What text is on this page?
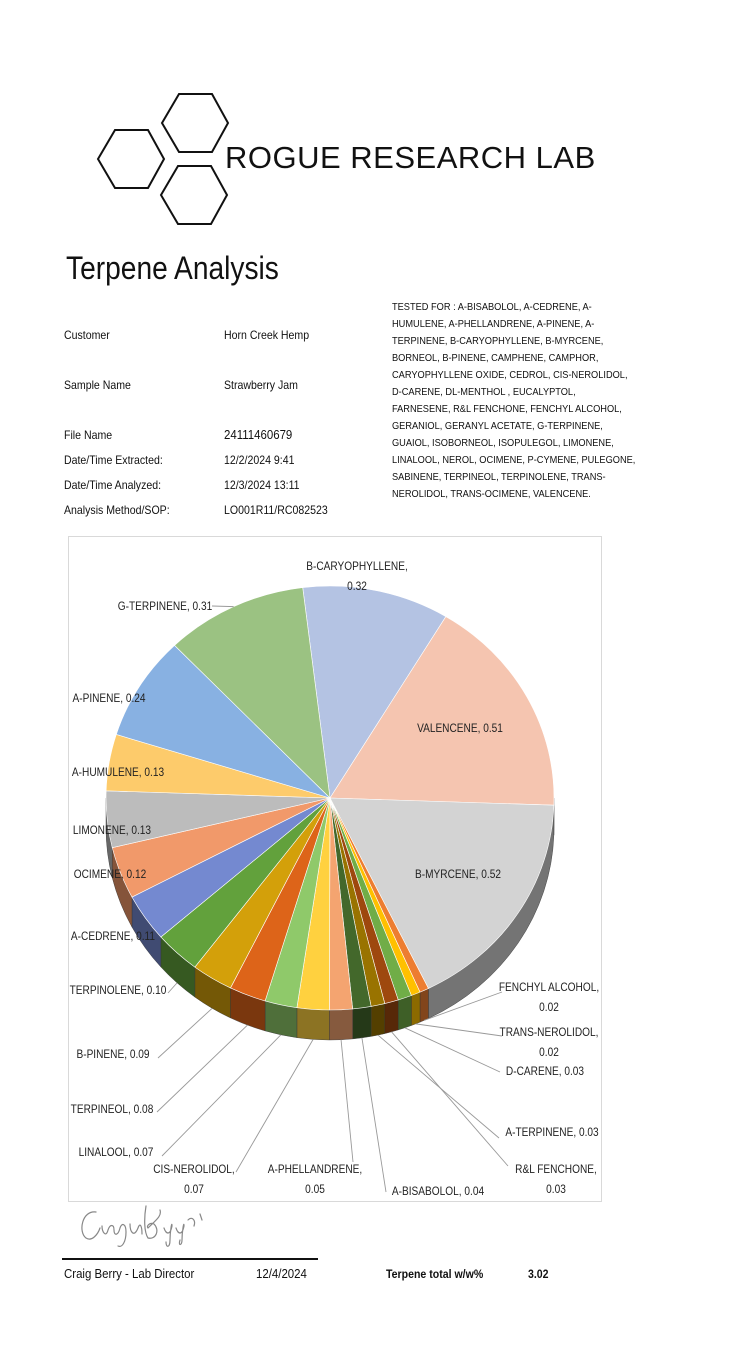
ROGUE RESEARCH LAB
Terpene Analysis
Customer	Horn Creek Hemp
Sample Name	Strawberry Jam
File Name	24111460679
Date/Time Extracted:	12/2/2024 9:41
Date/Time Analyzed:	12/3/2024 13:11
Analysis Method/SOP:	LO001R11/RC082523
TESTED FOR : A-BISABOLOL, A-CEDRENE, A-HUMULENE, A-PHELLANDRENE, A-PINENE, A-TERPINENE, B-CARYOPHYLLENE, B-MYRCENE, BORNEOL, B-PINENE, CAMPHENE, CAMPHOR, CARYOPHYLLENE OXIDE, CEDROL, CIS-NEROLIDOL, D-CARENE, DL-MENTHOL , EUCALYPTOL, FARNESENE, R&L FENCHONE, FENCHYL ALCOHOL, GERANIOL, GERANYL ACETATE, G-TERPINENE, GUAIOL, ISOBORNEOL, ISOPULEGOL, LIMONENE, LINALOOL, NEROL, OCIMENE, P-CYMENE, PULEGONE, SABINENE, TERPINEOL, TERPINOLENE, TRANS-NEROLIDOL, TRANS-OCIMENE, VALENCENE.
B-CARYOPHYLLENE, 0.32
VALENCENE, 0.51
B-MYRCENE, 0.52
FENCHYL ALCOHOL, 0.02
TRANS-NEROLIDOL, 0.02
D-CARENE, 0.03
R&L FENCHONE, 0.03
A-TERPINENE, 0.03
A-BISABOLOL, 0.04
A-PHELLANDRENE, 0.05
CIS-NEROLIDOL, 0.07
LINALOOL, 0.07
TERPINEOL, 0.08
B-PINENE, 0.09
TERPINOLENE, 0.10
A-CEDRENE, 0.11
OCIMENE, 0.12
LIMONENE, 0.13
A-HUMULENE, 0.13
A-PINENE, 0.24
G-TERPINENE, 0.31
Craig Berry - Lab Director	12/4/2024	Terpene total w/w%	3.02
